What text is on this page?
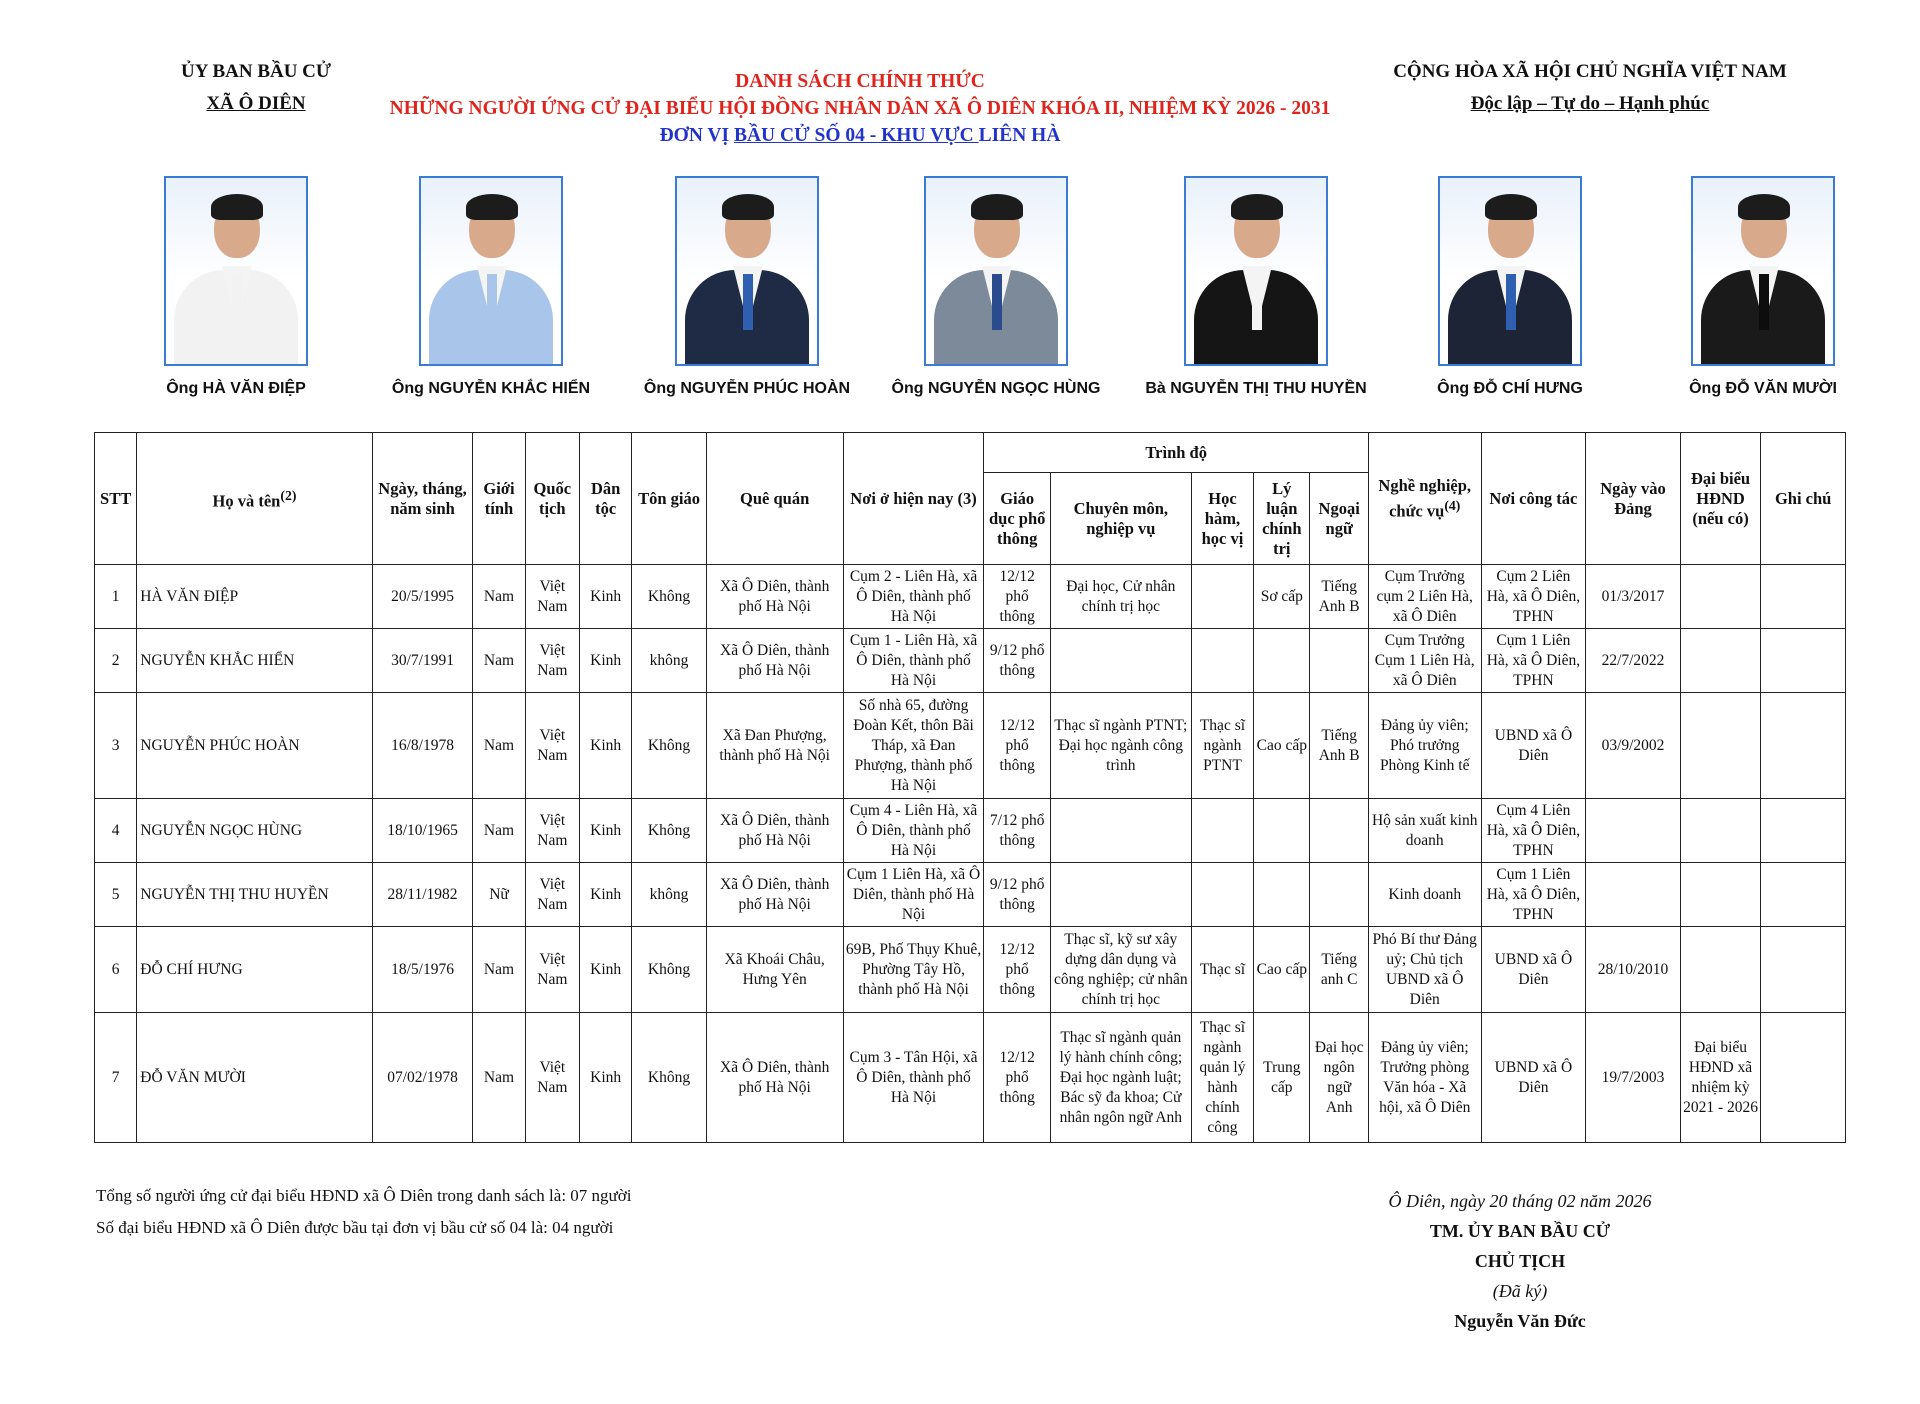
ỦY BAN BẦU CỬ
XÃ Ô DIÊN
DANH SÁCH CHÍNH THỨC
NHỮNG NGƯỜI ỨNG CỬ ĐẠI BIỂU HỘI ĐỒNG NHÂN DÂN XÃ Ô DIÊN KHÓA II, NHIỆM KỲ 2026 - 2031
ĐƠN VỊ BẦU CỬ SỐ 04 - KHU VỰC LIÊN HÀ
CỘNG HÒA XÃ HỘI CHỦ NGHĨA VIỆT NAM
Độc lập – Tự do – Hạnh phúc
Ông HÀ VĂN ĐIỆP	Ông NGUYỄN KHẮC HIỂN	Ông NGUYỄN PHÚC HOÀN	Ông NGUYỄN NGỌC HÙNG	Bà NGUYỄN THỊ THU HUYỀN	Ông ĐỖ CHÍ HƯNG	Ông ĐỖ VĂN MƯỜI
STT	Họ và tên$^{(2)}$	Ngày, tháng, năm sinh	Giới tính	Quốc tịch	Dân tộc	Tôn giáo	Quê quán	Nơi ở hiện nay (3)	Trình độ					Nghề nghiệp, chức vụ$^{(4)}$	Nơi công tác	Ngày vào Đảng	Đại biểu HĐND (nếu có)	Ghi chú
									Giáo dục phổ thông	Chuyên môn, nghiệp vụ	Học hàm, học vị	Lý luận chính trị	Ngoại ngữ					
1	HÀ VĂN ĐIỆP	20/5/1995	Nam	Việt Nam	Kinh	Không	Xã Ô Diên, thành phố Hà Nội	Cụm 2 - Liên Hà, xã Ô Diên, thành phố Hà Nội	12/12 phổ thông	Đại học, Cử nhân chính trị học		Sơ cấp	Tiếng Anh B	Cụm Trưởng cụm 2 Liên Hà, xã Ô Diên	Cụm 2 Liên Hà, xã Ô Diên, TPHN	01/3/2017		
2	NGUYỄN KHẮC HIỂN	30/7/1991	Nam	Việt Nam	Kinh	không	Xã Ô Diên, thành phố Hà Nội	Cụm 1 - Liên Hà, xã Ô Diên, thành phố Hà Nội	9/12 phổ thông					Cụm Trưởng Cụm 1 Liên Hà, xã Ô Diên	Cụm 1 Liên Hà, xã Ô Diên, TPHN	22/7/2022		
3	NGUYỄN PHÚC HOÀN	16/8/1978	Nam	Việt Nam	Kinh	Không	Xã Đan Phượng, thành phố Hà Nội	Số nhà 65, đường Đoàn Kết, thôn Bãi Tháp, xã Đan Phượng, thành phố Hà Nội	12/12 phổ thông	Thạc sĩ ngành PTNT; Đại học ngành công trình	Thạc sĩ ngành PTNT	Cao cấp	Tiếng Anh B	Đảng ủy viên; Phó trưởng Phòng Kinh tế	UBND xã Ô Diên	03/9/2002		
4	NGUYỄN NGỌC HÙNG	18/10/1965	Nam	Việt Nam	Kinh	Không	Xã Ô Diên, thành phố Hà Nội	Cụm 4 - Liên Hà, xã Ô Diên, thành phố Hà Nội	7/12 phổ thông					Hộ sản xuất kinh doanh	Cụm 4 Liên Hà, xã Ô Diên, TPHN			
5	NGUYỄN THỊ THU HUYỀN	28/11/1982	Nữ	Việt Nam	Kinh	không	Xã Ô Diên, thành phố Hà Nội	Cụm 1 Liên Hà, xã Ô Diên, thành phố Hà Nội	9/12 phổ thông					Kinh doanh	Cụm 1 Liên Hà, xã Ô Diên, TPHN			
6	ĐỖ CHÍ HƯNG	18/5/1976	Nam	Việt Nam	Kinh	Không	Xã Khoái Châu, Hưng Yên	69B, Phố Thụy Khuê, Phường Tây Hồ, thành phố Hà Nội	12/12 phổ thông	Thạc sĩ, kỹ sư xây dựng dân dụng và công nghiệp; cử nhân chính trị học	Thạc sĩ	Cao cấp	Tiếng anh C	Phó Bí thư Đảng uỷ; Chủ tịch UBND xã Ô Diên	UBND xã Ô Diên	28/10/2010		
7	ĐỖ VĂN MƯỜI	07/02/1978	Nam	Việt Nam	Kinh	Không	Xã Ô Diên, thành phố Hà Nội	Cụm 3 - Tân Hội, xã Ô Diên, thành phố Hà Nội	12/12 phổ thông	Thạc sĩ ngành quản lý hành chính công; Đại học ngành luật; Bác sỹ đa khoa; Cử nhân ngôn ngữ Anh	Thạc sĩ ngành quản lý hành chính công	Trung cấp	Đại học ngôn ngữ Anh	Đảng ủy viên; Trưởng phòng Văn hóa - Xã hội, xã Ô Diên	UBND xã Ô Diên	19/7/2003	Đại biểu HĐND xã nhiệm kỳ 2021 - 2026	
Tổng số người ứng cử đại biểu HĐND xã Ô Diên trong danh sách là: 07 người
Số đại biểu HĐND xã Ô Diên được bầu tại đơn vị bầu cử số 04 là: 04 người
Ô Diên, ngày 20 tháng 02 năm 2026
TM. ỦY BAN BẦU CỬ
CHỦ TỊCH
(Đã ký)
Nguyễn Văn Đức
